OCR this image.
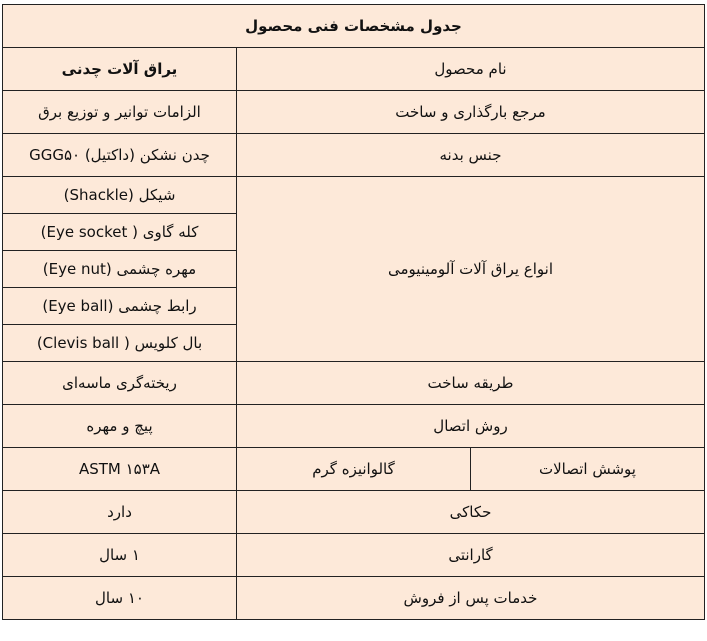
جدول مشخصات فنی محصول		
نام محصول		یراق آلات چدنی
مرجع بارگذاری و ساخت		الزامات توانیر و توزیع برق
جنس بدنه		چدن نشکن (داکتیل) GGG۵۰
انواع یراق آلات آلومینیومی		شیکل (Shackle)
		کله گاوی ( Eye socket)
		مهره چشمی (Eye nut)
		رابط چشمی (Eye ball)
		بال کلویس ( Clevis ball)
طریقه ساخت		ریخته‌گری ماسه‌ای
روش اتصال		پیچ و مهره
پوشش اتصالات	گالوانیزه گرم	ASTM ۱۵۳A
حکاکی		دارد
گارانتی		۱ سال
خدمات پس از فروش		۱۰ سال
